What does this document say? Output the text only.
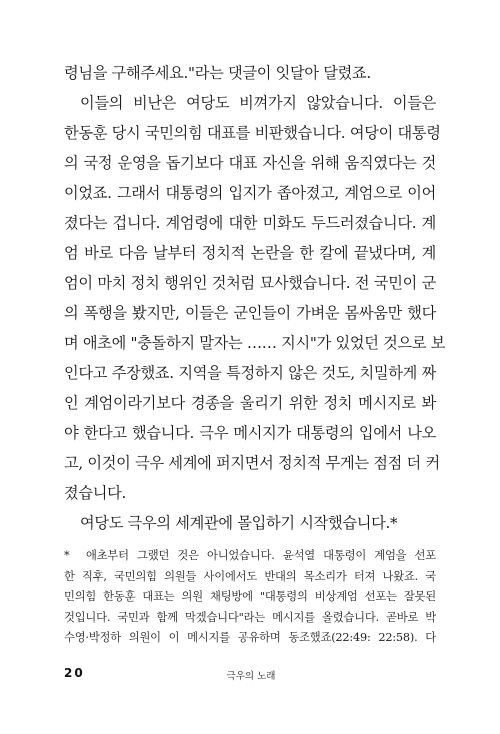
령님을 구해주세요."라는 댓글이 잇달아 달렸죠.
이들의 비난은 여당도 비껴가지 않았습니다. 이들은
한동훈 당시 국민의힘 대표를 비판했습니다. 여당이 대통령
의 국정 운영을 돕기보다 대표 자신을 위해 움직였다는 것
이었죠. 그래서 대통령의 입지가 좁아졌고, 계엄으로 이어
졌다는 겁니다. 계엄령에 대한 미화도 두드러졌습니다. 계
엄 바로 다음 날부터 정치적 논란을 한 칼에 끝냈다며, 계
엄이 마치 정치 행위인 것처럼 묘사했습니다. 전 국민이 군
의 폭행을 봤지만, 이들은 군인들이 가벼운 몸싸움만 했다
며 애초에 "충돌하지 말자는 …… 지시"가 있었던 것으로 보
인다고 주장했죠. 지역을 특정하지 않은 것도, 치밀하게 짜
인 계엄이라기보다 경종을 울리기 위한 정치 메시지로 봐
야 한다고 했습니다. 극우 메시지가 대통령의 입에서 나오
고, 이것이 극우 세계에 퍼지면서 정치적 무게는 점점 더 커
졌습니다.
여당도 극우의 세계관에 몰입하기 시작했습니다.*
* 애초부터 그랬던 것은 아니었습니다. 윤석열 대통령이 계엄을 선포
한 직후, 국민의힘 의원들 사이에서도 반대의 목소리가 터져 나왔죠. 국
민의힘 한동훈 대표는 의원 채팅방에 "대통령의 비상계엄 선포는 잘못된
것입니다. 국민과 함께 막겠습니다"라는 메시지를 올렸습니다. 곧바로 박
수영·박정하 의원이 이 메시지를 공유하며 동조했죠(22:49: 22:58). 다
20	극우의 노래
